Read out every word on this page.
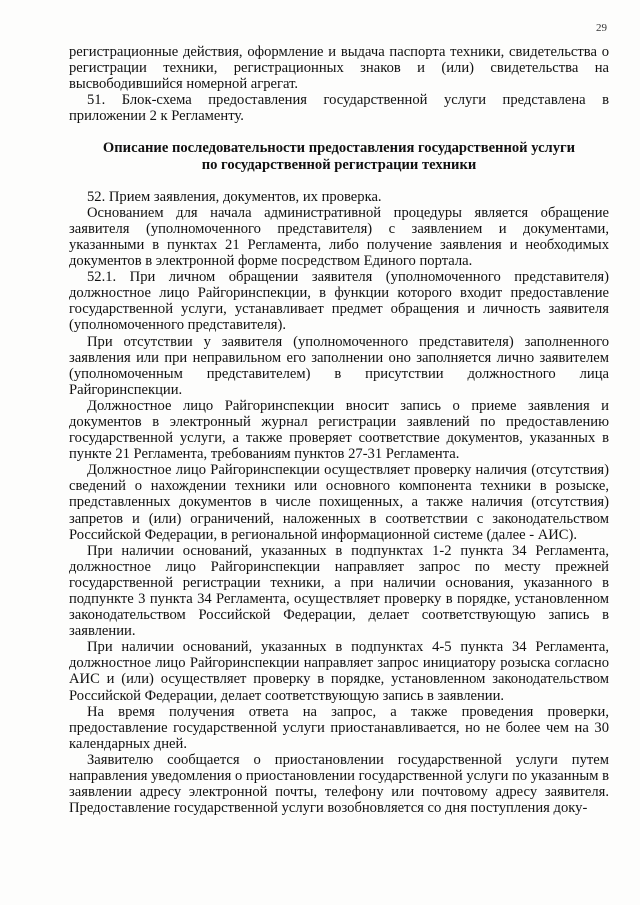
29

регистрационные действия, оформление и выдача паспорта техники, свидетельства о регистрации техники, регистрационных знаков и (или) свидетельства на высвободившийся номерной агрегат.

51. Блок-схема предоставления государственной услуги представлена в приложении 2 к Регламенту.

Описание последовательности предоставления государственной услуги

по государственной регистрации техники

52. Прием заявления, документов, их проверка.

Основанием для начала административной процедуры является обращение заявителя (уполномоченного представителя) с заявлением и документами, указанными в пунктах 21 Регламента, либо получение заявления и необходимых документов в электронной форме посредством Единого портала.

52.1. При личном обращении заявителя (уполномоченного представителя) должностное лицо Райгоринспекции, в функции которого входит предоставление государственной услуги, устанавливает предмет обращения и личность заявителя (уполномоченного представителя).

При отсутствии у заявителя (уполномоченного представителя) заполненного заявления или при неправильном его заполнении оно заполняется лично заявителем (уполномоченным представителем) в присутствии должностного лица Райгоринспекции.

Должностное лицо Райгоринспекции вносит запись о приеме заявления и документов в электронный журнал регистрации заявлений по предоставлению государственной услуги, а также проверяет соответствие документов, указанных в пункте 21 Регламента, требованиям пунктов 27-31 Регламента.

Должностное лицо Райгоринспекции осуществляет проверку наличия (отсутствия) сведений о нахождении техники или основного компонента техники в розыске, представленных документов в числе похищенных, а также наличия (отсутствия) запретов и (или) ограничений, наложенных в соответствии с законодательством Российской Федерации, в региональной информационной системе (далее - АИС).

При наличии оснований, указанных в подпунктах 1-2 пункта 34 Регламента, должностное лицо Райгоринспекции направляет запрос по месту прежней государственной регистрации техники, а при наличии основания, указанного в подпункте 3 пункта 34 Регламента, осуществляет проверку в порядке, установленном законодательством Российской Федерации, делает соответствующую запись в заявлении.

При наличии оснований, указанных в подпунктах 4-5 пункта 34 Регламента, должностное лицо Райгоринспекции направляет запрос инициатору розыска согласно АИС и (или) осуществляет проверку в порядке, установленном законодательством Российской Федерации, делает соответствующую запись в заявлении.

На время получения ответа на запрос, а также проведения проверки, предоставление государственной услуги приостанавливается, но не более чем на 30 календарных дней.

Заявителю сообщается о приостановлении государственной услуги путем направления уведомления о приостановлении государственной услуги по указанным в заявлении адресу электронной почты, телефону или почтовому адресу заявителя. Предоставление государственной услуги возобновляется со дня поступления доку-
